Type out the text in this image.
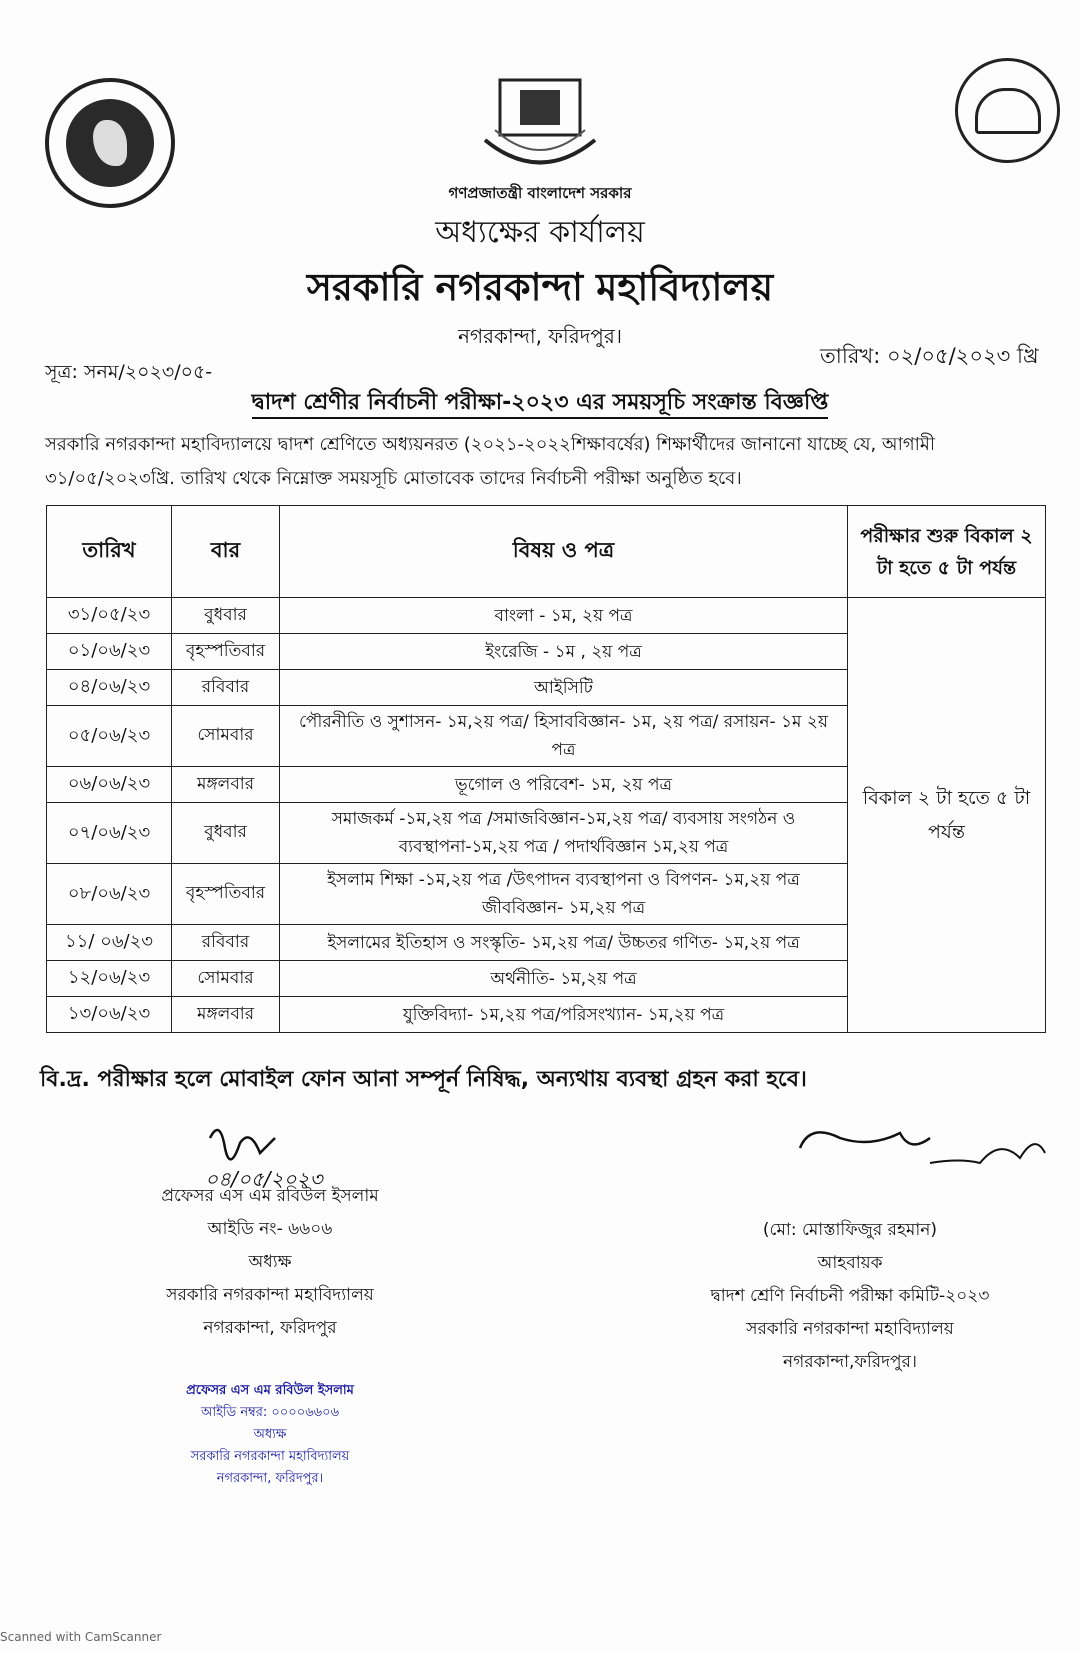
গণপ্রজাতন্ত্রী বাংলাদেশ সরকার
অধ্যক্ষের কার্যালয়
সরকারি নগরকান্দা মহাবিদ্যালয়
নগরকান্দা, ফরিদপুর।
সূত্র: সনম/২০২৩/০৫-
তারিখ: ০২/০৫/২০২৩ খ্রি
দ্বাদশ শ্রেণীর নির্বাচনী পরীক্ষা-২০২৩ এর সময়সূচি সংক্রান্ত বিজ্ঞপ্তি
সরকারি নগরকান্দা মহাবিদ্যালয়ে দ্বাদশ শ্রেণিতে অধ্যয়নরত (২০২১-২০২২শিক্ষাবর্ষের) শিক্ষার্থীদের জানানো যাচ্ছে যে, আগামী ৩১/০৫/২০২৩খ্রি. তারিখ থেকে নিম্নোক্ত সময়সূচি মোতাবেক তাদের নির্বাচনী পরীক্ষা অনুষ্ঠিত হবে।
তারিখ	বার	বিষয় ও পত্র	পরীক্ষার শুরু বিকাল ২ টা হতে ৫ টা পর্যন্ত
৩১/০৫/২৩	বুধবার	বাংলা - ১ম, ২য় পত্র	বিকাল ২ টা হতে ৫ টা পর্যন্ত
০১/০৬/২৩	বৃহস্পতিবার	ইংরেজি - ১ম , ২য় পত্র	
০৪/০৬/২৩	রবিবার	আইসিটি	
০৫/০৬/২৩	সোমবার	পৌরনীতি ও সুশাসন- ১ম,২য় পত্র/ হিসাববিজ্ঞান- ১ম, ২য় পত্র/ রসায়ন- ১ম ২য় পত্র	
০৬/০৬/২৩	মঙ্গলবার	ভূগোল ও পরিবেশ- ১ম, ২য় পত্র	
০৭/০৬/২৩	বুধবার	সমাজকর্ম -১ম,২য় পত্র /সমাজবিজ্ঞান-১ম,২য় পত্র/ ব্যবসায় সংগঠন ও ব্যবস্থাপনা-১ম,২য় পত্র / পদার্থবিজ্ঞান ১ম,২য় পত্র	
০৮/০৬/২৩	বৃহস্পতিবার	ইসলাম শিক্ষা -১ম,২য় পত্র /উৎপাদন ব্যবস্থাপনা ও বিপণন- ১ম,২য় পত্র জীববিজ্ঞান- ১ম,২য় পত্র	
১১/ ০৬/২৩	রবিবার	ইসলামের ইতিহাস ও সংস্কৃতি- ১ম,২য় পত্র/ উচ্চতর গণিত- ১ম,২য় পত্র	
১২/০৬/২৩	সোমবার	অর্থনীতি- ১ম,২য় পত্র	
১৩/০৬/২৩	মঙ্গলবার	যুক্তিবিদ্যা- ১ম,২য় পত্র/পরিসংখ্যান- ১ম,২য় পত্র	
বি.দ্র. পরীক্ষার হলে মোবাইল ফোন আনা সম্পূর্ন নিষিদ্ধ, অন্যথায় ব্যবস্থা গ্রহন করা হবে।
০৪/০৫/২০২৩
প্রফেসর এস এম রবিউল ইসলাম
আইডি নং- ৬৬০৬
অধ্যক্ষ
সরকারি নগরকান্দা মহাবিদ্যালয়
নগরকান্দা, ফরিদপুর
প্রফেসর এস এম রবিউল ইসলাম
আইডি নম্বর: ০০০০৬৬০৬
অধ্যক্ষ
সরকারি নগরকান্দা মহাবিদ্যালয়
নগরকান্দা, ফরিদপুর।
(মো: মোস্তাফিজুর রহমান)
আহবায়ক
দ্বাদশ শ্রেণি নির্বাচনী পরীক্ষা কমিটি-২০২৩
সরকারি নগরকান্দা মহাবিদ্যালয়
নগরকান্দা,ফরিদপুর।
Scanned with CamScanner
